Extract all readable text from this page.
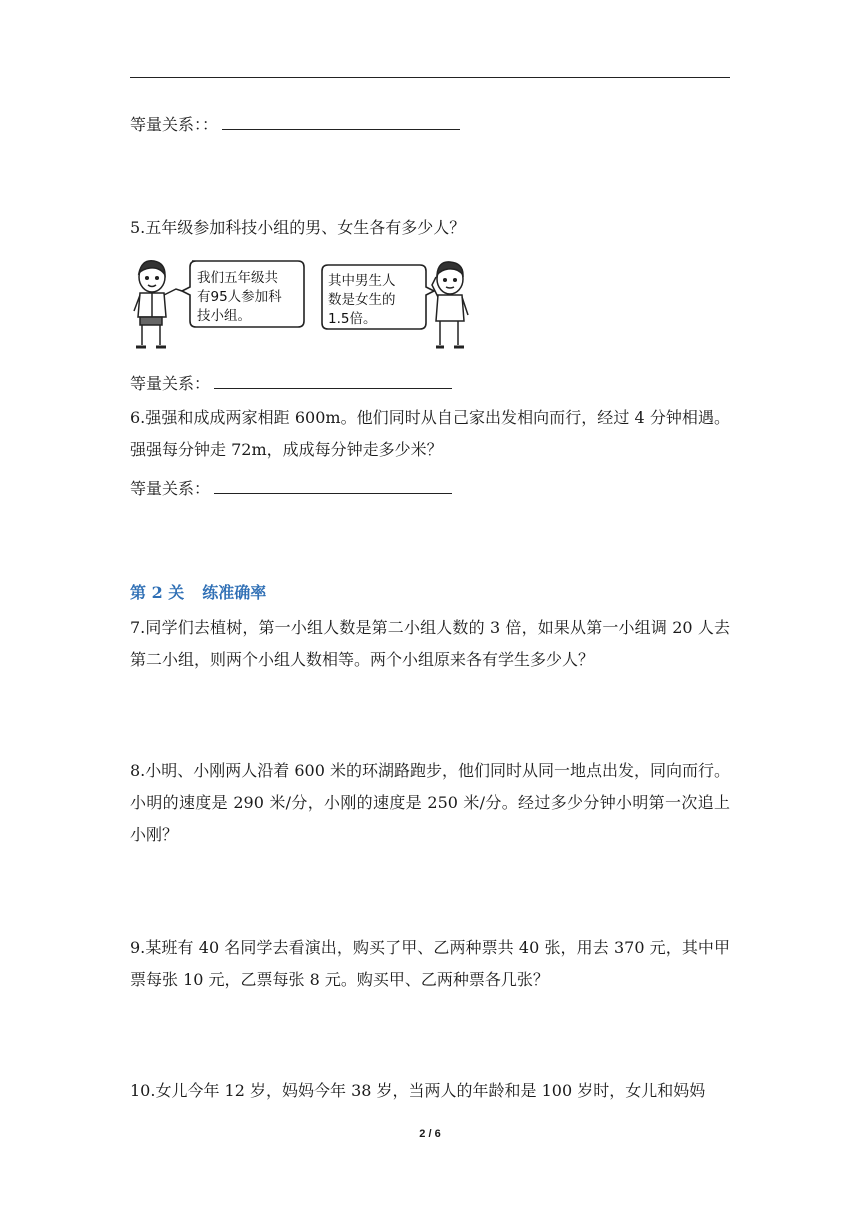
等量关系：：
5.五年级参加科技小组的男、女生各有多少人？
我们五年级共
有95人参加科
技小组。
其中男生人
数是女生的
1.5倍。
等量关系：
6.强强和成成两家相距 600m。他们同时从自己家出发相向而行，经过 4 分钟相遇。强强每分钟走 72m，成成每分钟走多少米？
等量关系：
第 2 关 练准确率
7.同学们去植树，第一小组人数是第二小组人数的 3 倍，如果从第一小组调 20 人去第二小组，则两个小组人数相等。两个小组原来各有学生多少人？
8.小明、小刚两人沿着 600 米的环湖路跑步，他们同时从同一地点出发，同向而行。小明的速度是 290 米/分，小刚的速度是 250 米/分。经过多少分钟小明第一次追上小刚？
9.某班有 40 名同学去看演出，购买了甲、乙两种票共 40 张，用去 370 元，其中甲票每张 10 元，乙票每张 8 元。购买甲、乙两种票各几张？
10.女儿今年 12 岁，妈妈今年 38 岁，当两人的年龄和是 100 岁时，女儿和妈妈
2 / 6
